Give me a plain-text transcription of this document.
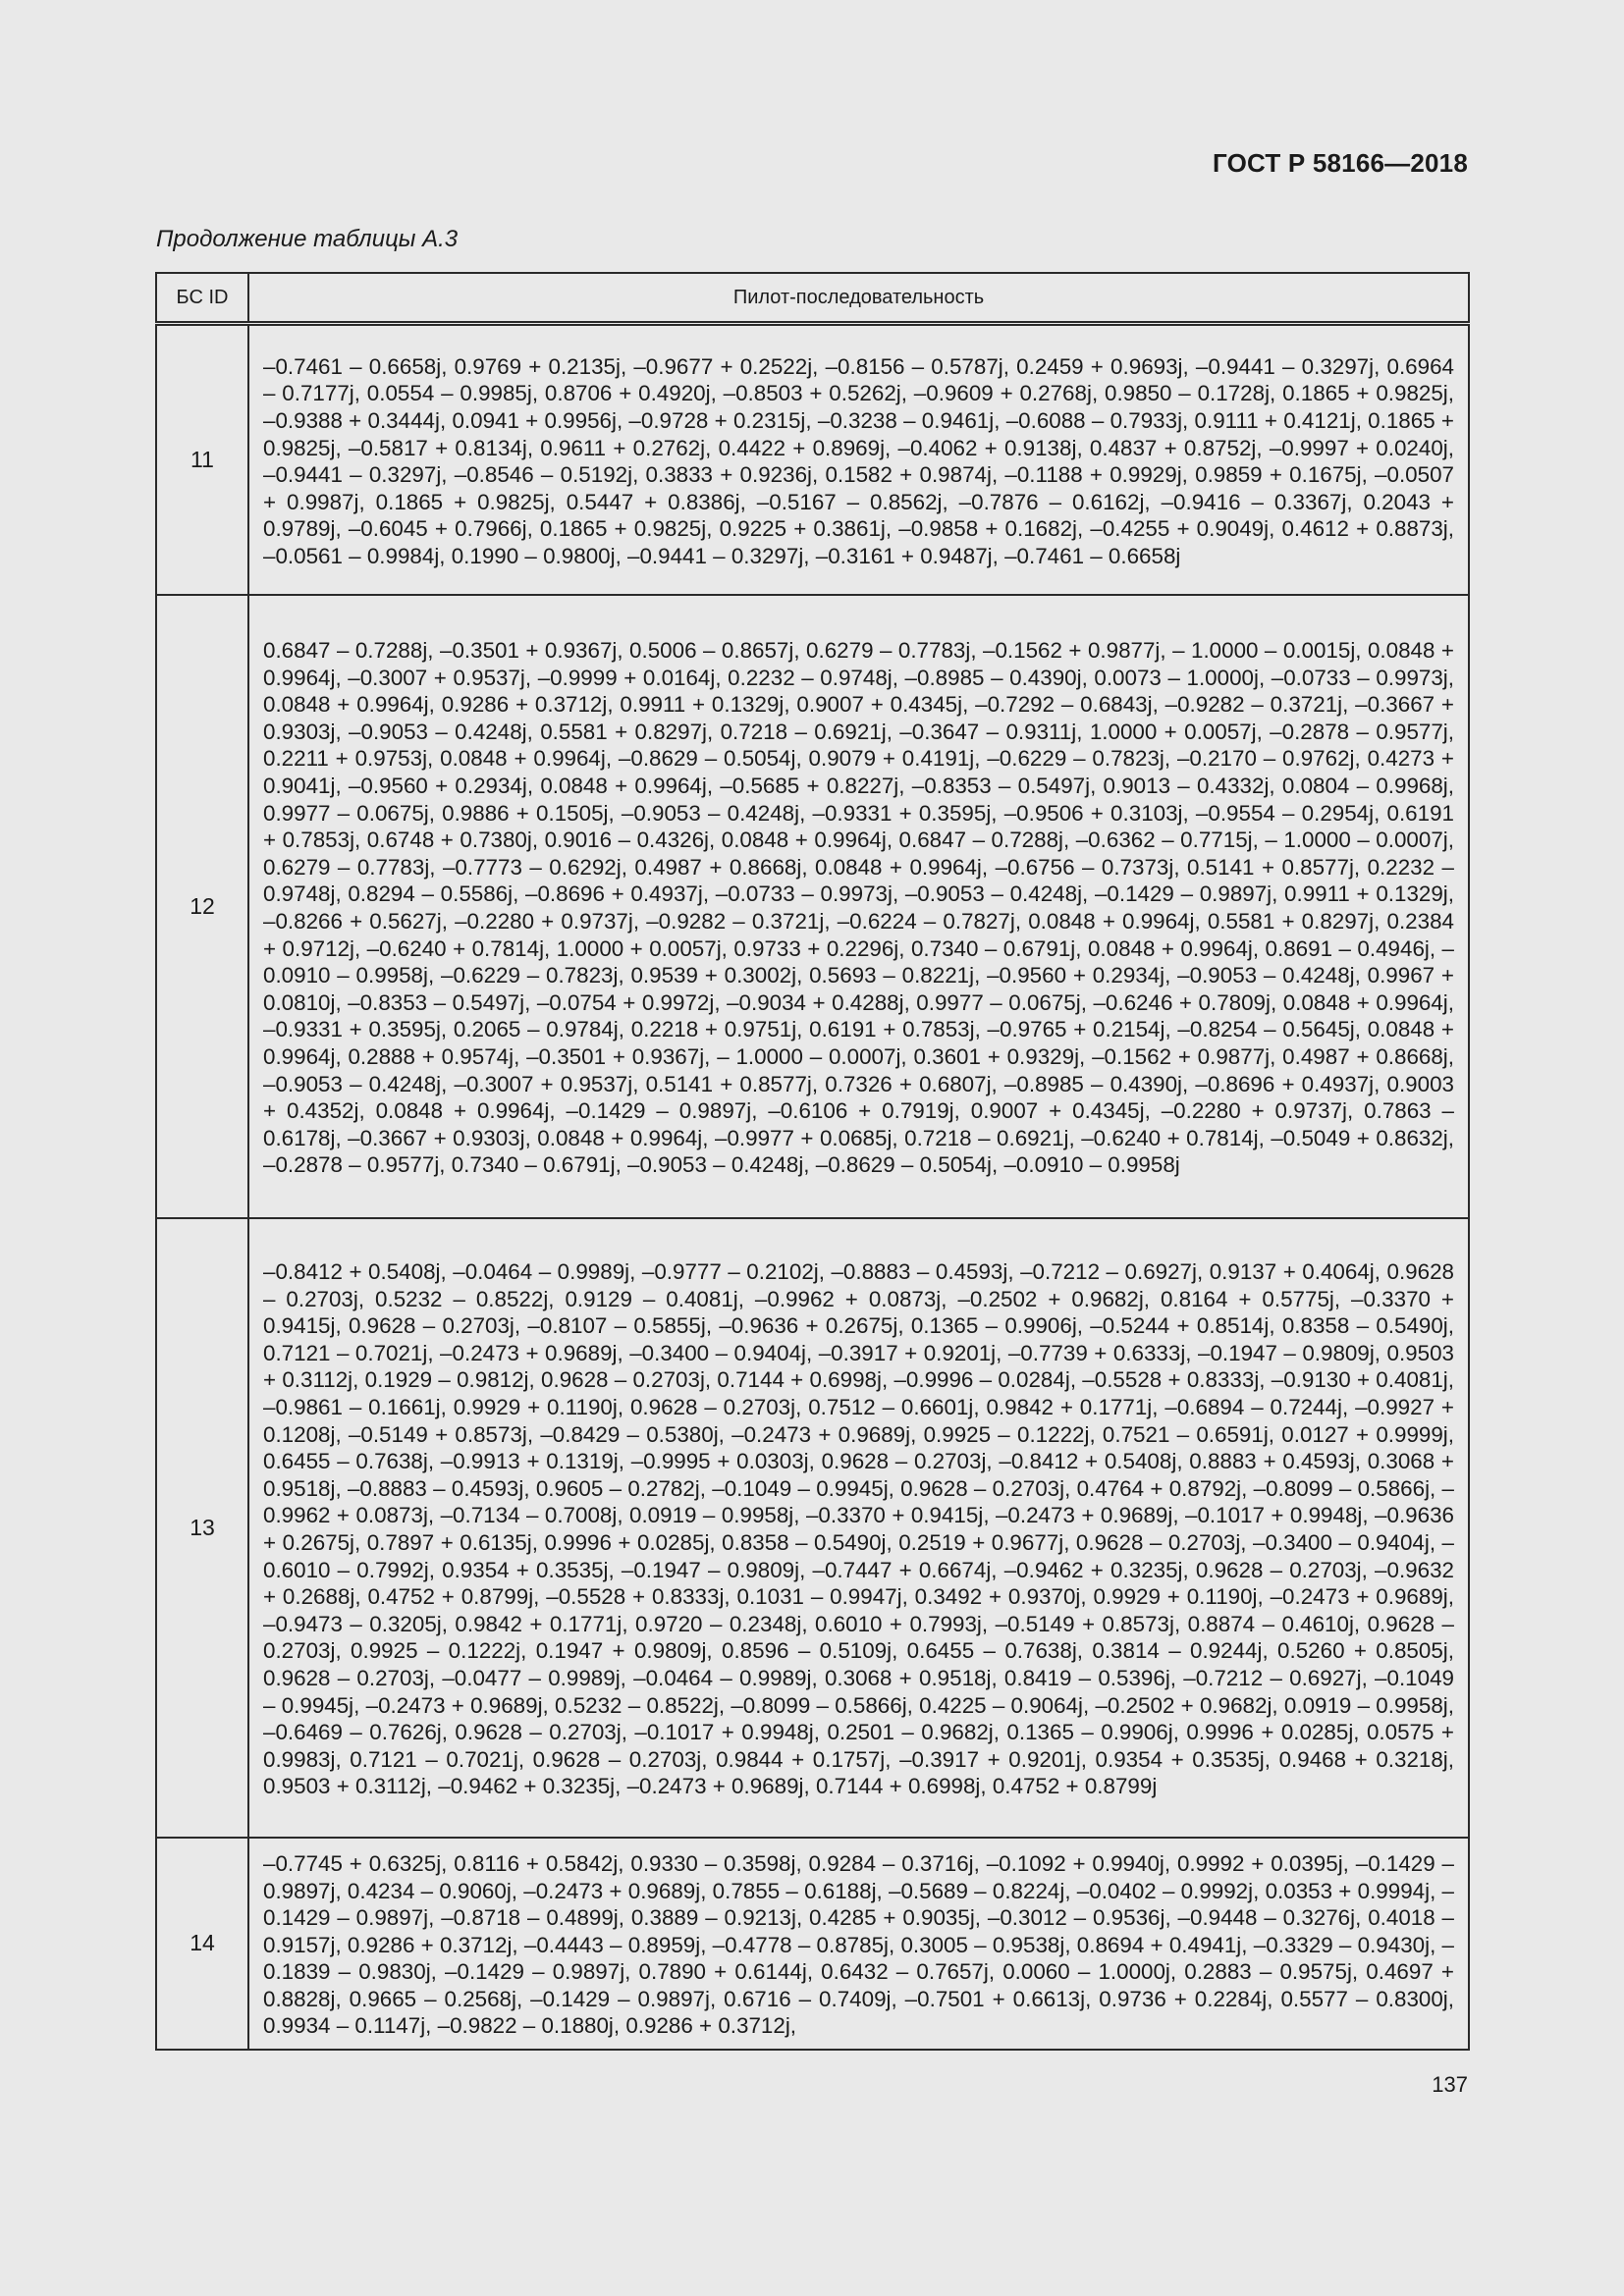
ГОСТ Р 58166—2018
Продолжение таблицы А.3
БС ID	Пилот-последовательность
11	–0.7461 – 0.6658j, 0.9769 + 0.2135j, –0.9677 + 0.2522j, –0.8156 – 0.5787j, 0.2459 + 0.9693j, –0.9441 – 0.3297j, 0.6964 – 0.7177j, 0.0554 – 0.9985j, 0.8706 + 0.4920j, –0.8503 + 0.5262j, –0.9609 + 0.2768j, 0.9850 – 0.1728j, 0.1865 + 0.9825j, –0.9388 + 0.3444j, 0.0941 + 0.9956j, –0.9728 + 0.2315j, –0.3238 – 0.9461j, –0.6088 – 0.7933j, 0.9111 + 0.4121j, 0.1865 + 0.9825j, –0.5817 + 0.8134j, 0.9611 + 0.2762j, 0.4422 + 0.8969j, –0.4062 + 0.9138j, 0.4837 + 0.8752j, –0.9997 + 0.0240j, –0.9441 – 0.3297j, –0.8546 – 0.5192j, 0.3833 + 0.9236j, 0.1582 + 0.9874j, –0.1188 + 0.9929j, 0.9859 + 0.1675j, –0.0507 + 0.9987j, 0.1865 + 0.9825j, 0.5447 + 0.8386j, –0.5167 – 0.8562j, –0.7876 – 0.6162j, –0.9416 – 0.3367j, 0.2043 + 0.9789j, –0.6045 + 0.7966j, 0.1865 + 0.9825j, 0.9225 + 0.3861j, –0.9858 + 0.1682j, –0.4255 + 0.9049j, 0.4612 + 0.8873j, –0.0561 – 0.9984j, 0.1990 – 0.9800j, –0.9441 – 0.3297j, –0.3161 + 0.9487j, –0.7461 – 0.6658j
12	0.6847 – 0.7288j, –0.3501 + 0.9367j, 0.5006 – 0.8657j, 0.6279 – 0.7783j, –0.1562 + 0.9877j, – 1.0000 – 0.0015j, 0.0848 + 0.9964j, –0.3007 + 0.9537j, –0.9999 + 0.0164j, 0.2232 – 0.9748j, –0.8985 – 0.4390j, 0.0073 – 1.0000j, –0.0733 – 0.9973j, 0.0848 + 0.9964j, 0.9286 + 0.3712j, 0.9911 + 0.1329j, 0.9007 + 0.4345j, –0.7292 – 0.6843j, –0.9282 – 0.3721j, –0.3667 + 0.9303j, –0.9053 – 0.4248j, 0.5581 + 0.8297j, 0.7218 – 0.6921j, –0.3647 – 0.9311j, 1.0000 + 0.0057j, –0.2878 – 0.9577j, 0.2211 + 0.9753j, 0.0848 + 0.9964j, –0.8629 – 0.5054j, 0.9079 + 0.4191j, –0.6229 – 0.7823j, –0.2170 – 0.9762j, 0.4273 + 0.9041j, –0.9560 + 0.2934j, 0.0848 + 0.9964j, –0.5685 + 0.8227j, –0.8353 – 0.5497j, 0.9013 – 0.4332j, 0.0804 – 0.9968j, 0.9977 – 0.0675j, 0.9886 + 0.1505j, –0.9053 – 0.4248j, –0.9331 + 0.3595j, –0.9506 + 0.3103j, –0.9554 – 0.2954j, 0.6191 + 0.7853j, 0.6748 + 0.7380j, 0.9016 – 0.4326j, 0.0848 + 0.9964j, 0.6847 – 0.7288j, –0.6362 – 0.7715j, – 1.0000 – 0.0007j, 0.6279 – 0.7783j, –0.7773 – 0.6292j, 0.4987 + 0.8668j, 0.0848 + 0.9964j, –0.6756 – 0.7373j, 0.5141 + 0.8577j, 0.2232 – 0.9748j, 0.8294 – 0.5586j, –0.8696 + 0.4937j, –0.0733 – 0.9973j, –0.9053 – 0.4248j, –0.1429 – 0.9897j, 0.9911 + 0.1329j, –0.8266 + 0.5627j, –0.2280 + 0.9737j, –0.9282 – 0.3721j, –0.6224 – 0.7827j, 0.0848 + 0.9964j, 0.5581 + 0.8297j, 0.2384 + 0.9712j, –0.6240 + 0.7814j, 1.0000 + 0.0057j, 0.9733 + 0.2296j, 0.7340 – 0.6791j, 0.0848 + 0.9964j, 0.8691 – 0.4946j, –0.0910 – 0.9958j, –0.6229 – 0.7823j, 0.9539 + 0.3002j, 0.5693 – 0.8221j, –0.9560 + 0.2934j, –0.9053 – 0.4248j, 0.9967 + 0.0810j, –0.8353 – 0.5497j, –0.0754 + 0.9972j, –0.9034 + 0.4288j, 0.9977 – 0.0675j, –0.6246 + 0.7809j, 0.0848 + 0.9964j, –0.9331 + 0.3595j, 0.2065 – 0.9784j, 0.2218 + 0.9751j, 0.6191 + 0.7853j, –0.9765 + 0.2154j, –0.8254 – 0.5645j, 0.0848 + 0.9964j, 0.2888 + 0.9574j, –0.3501 + 0.9367j, – 1.0000 – 0.0007j, 0.3601 + 0.9329j, –0.1562 + 0.9877j, 0.4987 + 0.8668j, –0.9053 – 0.4248j, –0.3007 + 0.9537j, 0.5141 + 0.8577j, 0.7326 + 0.6807j, –0.8985 – 0.4390j, –0.8696 + 0.4937j, 0.9003 + 0.4352j, 0.0848 + 0.9964j, –0.1429 – 0.9897j, –0.6106 + 0.7919j, 0.9007 + 0.4345j, –0.2280 + 0.9737j, 0.7863 – 0.6178j, –0.3667 + 0.9303j, 0.0848 + 0.9964j, –0.9977 + 0.0685j, 0.7218 – 0.6921j, –0.6240 + 0.7814j, –0.5049 + 0.8632j, –0.2878 – 0.9577j, 0.7340 – 0.6791j, –0.9053 – 0.4248j, –0.8629 – 0.5054j, –0.0910 – 0.9958j
13	–0.8412 + 0.5408j, –0.0464 – 0.9989j, –0.9777 – 0.2102j, –0.8883 – 0.4593j, –0.7212 – 0.6927j, 0.9137 + 0.4064j, 0.9628 – 0.2703j, 0.5232 – 0.8522j, 0.9129 – 0.4081j, –0.9962 + 0.0873j, –0.2502 + 0.9682j, 0.8164 + 0.5775j, –0.3370 + 0.9415j, 0.9628 – 0.2703j, –0.8107 – 0.5855j, –0.9636 + 0.2675j, 0.1365 – 0.9906j, –0.5244 + 0.8514j, 0.8358 – 0.5490j, 0.7121 – 0.7021j, –0.2473 + 0.9689j, –0.3400 – 0.9404j, –0.3917 + 0.9201j, –0.7739 + 0.6333j, –0.1947 – 0.9809j, 0.9503 + 0.3112j, 0.1929 – 0.9812j, 0.9628 – 0.2703j, 0.7144 + 0.6998j, –0.9996 – 0.0284j, –0.5528 + 0.8333j, –0.9130 + 0.4081j, –0.9861 – 0.1661j, 0.9929 + 0.1190j, 0.9628 – 0.2703j, 0.7512 – 0.6601j, 0.9842 + 0.1771j, –0.6894 – 0.7244j, –0.9927 + 0.1208j, –0.5149 + 0.8573j, –0.8429 – 0.5380j, –0.2473 + 0.9689j, 0.9925 – 0.1222j, 0.7521 – 0.6591j, 0.0127 + 0.9999j, 0.6455 – 0.7638j, –0.9913 + 0.1319j, –0.9995 + 0.0303j, 0.9628 – 0.2703j, –0.8412 + 0.5408j, 0.8883 + 0.4593j, 0.3068 + 0.9518j, –0.8883 – 0.4593j, 0.9605 – 0.2782j, –0.1049 – 0.9945j, 0.9628 – 0.2703j, 0.4764 + 0.8792j, –0.8099 – 0.5866j, –0.9962 + 0.0873j, –0.7134 – 0.7008j, 0.0919 – 0.9958j, –0.3370 + 0.9415j, –0.2473 + 0.9689j, –0.1017 + 0.9948j, –0.9636 + 0.2675j, 0.7897 + 0.6135j, 0.9996 + 0.0285j, 0.8358 – 0.5490j, 0.2519 + 0.9677j, 0.9628 – 0.2703j, –0.3400 – 0.9404j, –0.6010 – 0.7992j, 0.9354 + 0.3535j, –0.1947 – 0.9809j, –0.7447 + 0.6674j, –0.9462 + 0.3235j, 0.9628 – 0.2703j, –0.9632 + 0.2688j, 0.4752 + 0.8799j, –0.5528 + 0.8333j, 0.1031 – 0.9947j, 0.3492 + 0.9370j, 0.9929 + 0.1190j, –0.2473 + 0.9689j, –0.9473 – 0.3205j, 0.9842 + 0.1771j, 0.9720 – 0.2348j, 0.6010 + 0.7993j, –0.5149 + 0.8573j, 0.8874 – 0.4610j, 0.9628 – 0.2703j, 0.9925 – 0.1222j, 0.1947 + 0.9809j, 0.8596 – 0.5109j, 0.6455 – 0.7638j, 0.3814 – 0.9244j, 0.5260 + 0.8505j, 0.9628 – 0.2703j, –0.0477 – 0.9989j, –0.0464 – 0.9989j, 0.3068 + 0.9518j, 0.8419 – 0.5396j, –0.7212 – 0.6927j, –0.1049 – 0.9945j, –0.2473 + 0.9689j, 0.5232 – 0.8522j, –0.8099 – 0.5866j, 0.4225 – 0.9064j, –0.2502 + 0.9682j, 0.0919 – 0.9958j, –0.6469 – 0.7626j, 0.9628 – 0.2703j, –0.1017 + 0.9948j, 0.2501 – 0.9682j, 0.1365 – 0.9906j, 0.9996 + 0.0285j, 0.0575 + 0.9983j, 0.7121 – 0.7021j, 0.9628 – 0.2703j, 0.9844 + 0.1757j, –0.3917 + 0.9201j, 0.9354 + 0.3535j, 0.9468 + 0.3218j, 0.9503 + 0.3112j, –0.9462 + 0.3235j, –0.2473 + 0.9689j, 0.7144 + 0.6998j, 0.4752 + 0.8799j
14	–0.7745 + 0.6325j, 0.8116 + 0.5842j, 0.9330 – 0.3598j, 0.9284 – 0.3716j, –0.1092 + 0.9940j, 0.9992 + 0.0395j, –0.1429 – 0.9897j, 0.4234 – 0.9060j, –0.2473 + 0.9689j, 0.7855 – 0.6188j, –0.5689 – 0.8224j, –0.0402 – 0.9992j, 0.0353 + 0.9994j, –0.1429 – 0.9897j, –0.8718 – 0.4899j, 0.3889 – 0.9213j, 0.4285 + 0.9035j, –0.3012 – 0.9536j, –0.9448 – 0.3276j, 0.4018 – 0.9157j, 0.9286 + 0.3712j, –0.4443 – 0.8959j, –0.4778 – 0.8785j, 0.3005 – 0.9538j, 0.8694 + 0.4941j, –0.3329 – 0.9430j, –0.1839 – 0.9830j, –0.1429 – 0.9897j, 0.7890 + 0.6144j, 0.6432 – 0.7657j, 0.0060 – 1.0000j, 0.2883 – 0.9575j, 0.4697 + 0.8828j, 0.9665 – 0.2568j, –0.1429 – 0.9897j, 0.6716 – 0.7409j, –0.7501 + 0.6613j, 0.9736 + 0.2284j, 0.5577 – 0.8300j, 0.9934 – 0.1147j, –0.9822 – 0.1880j, 0.9286 + 0.3712j,
137
